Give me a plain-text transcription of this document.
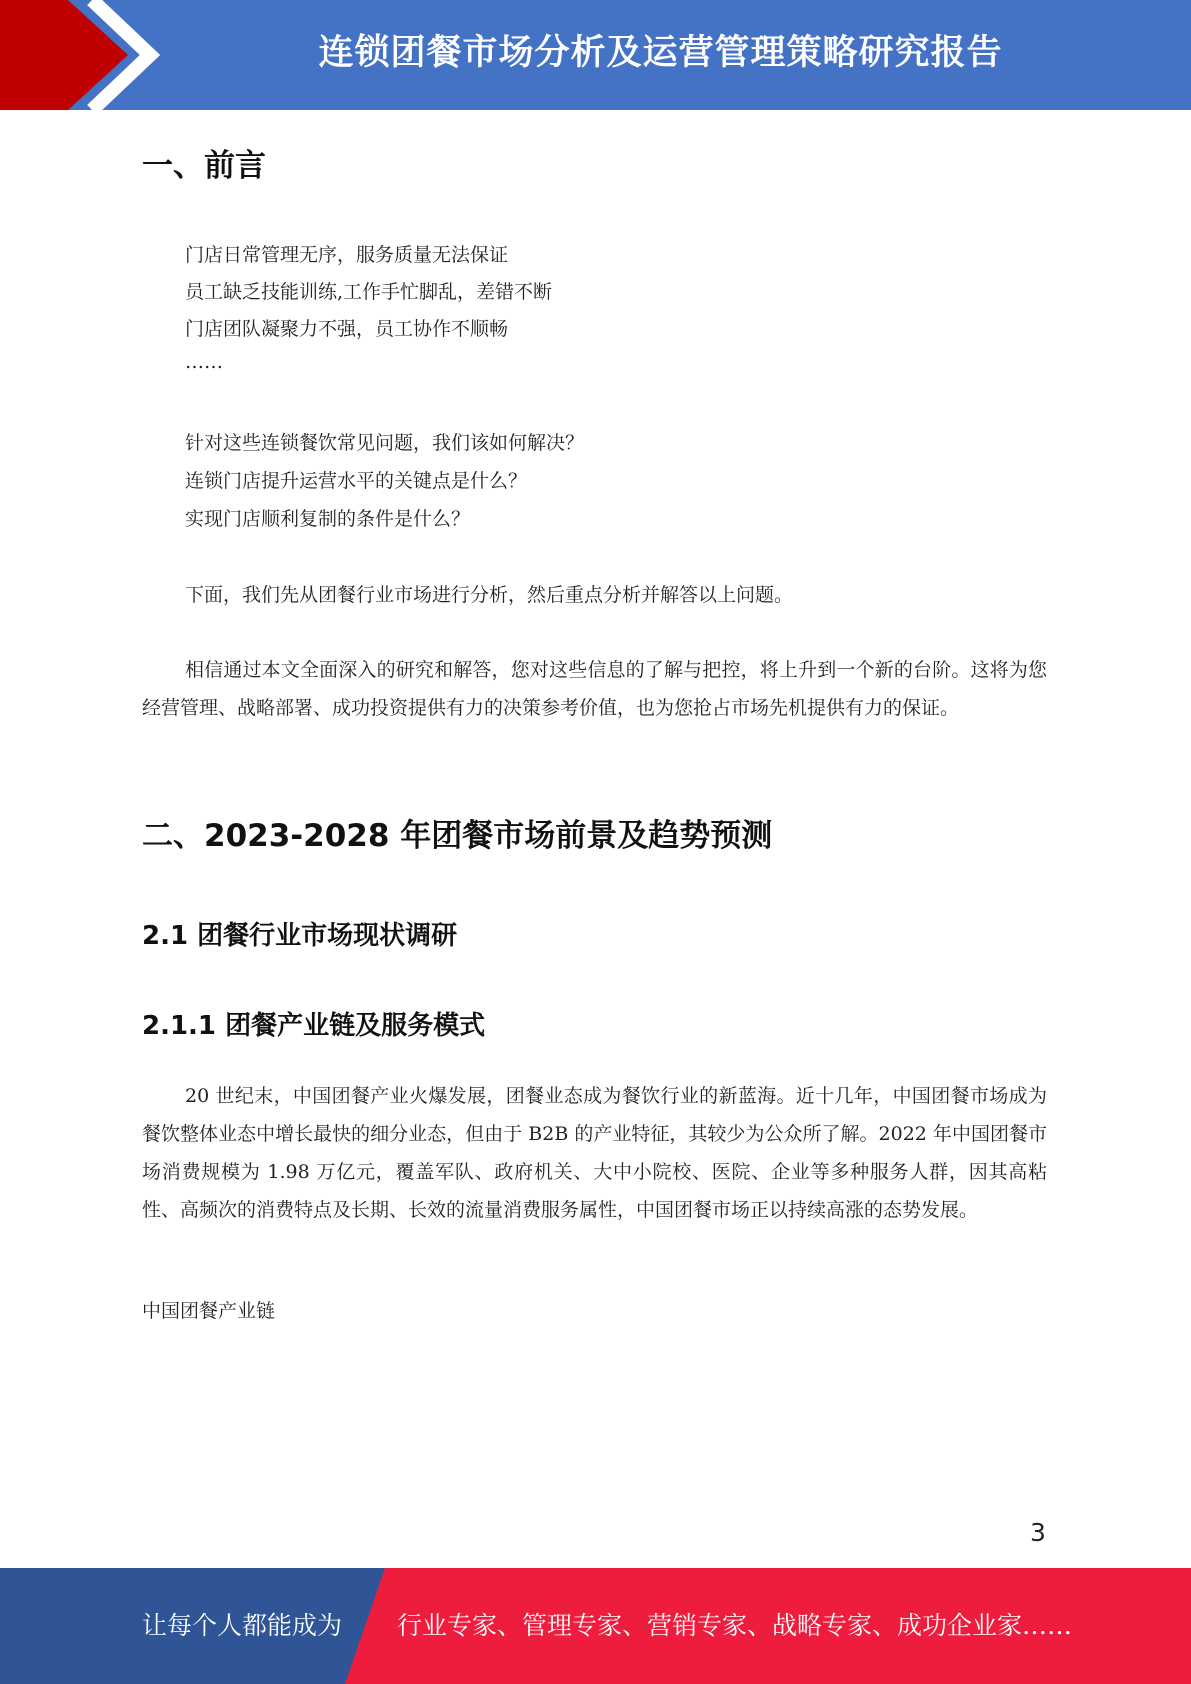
连锁团餐市场分析及运营管理策略研究报告
一、前言

门店日常管理无序，服务质量无法保证

员工缺乏技能训练,工作手忙脚乱，差错不断

门店团队凝聚力不强，员工协作不顺畅

……

针对这些连锁餐饮常见问题，我们该如何解决？

连锁门店提升运营水平的关键点是什么？

实现门店顺利复制的条件是什么？

下面，我们先从团餐行业市场进行分析，然后重点分析并解答以上问题。

相信通过本文全面深入的研究和解答，您对这些信息的了解与把控，将上升到一个新的台阶。这将为您经营管理、战略部署、成功投资提供有力的决策参考价值，也为您抢占市场先机提供有力的保证。

二、2023-2028 年团餐市场前景及趋势预测
2.1 团餐行业市场现状调研
2.1.1 团餐产业链及服务模式

20 世纪末，中国团餐产业火爆发展，团餐业态成为餐饮行业的新蓝海。近十几年，中国团餐市场成为餐饮整体业态中增长最快的细分业态，但由于 B2B 的产业特征，其较少为公众所了解。2022 年中国团餐市场消费规模为 1.98 万亿元，覆盖军队、政府机关、大中小院校、医院、企业等多种服务人群，因其高粘性、高频次的消费特点及长期、长效的流量消费服务属性，中国团餐市场正以持续高涨的态势发展。

中国团餐产业链

3
让每个人都能成为 行业专家、管理专家、营销专家、战略专家、成功企业家……
